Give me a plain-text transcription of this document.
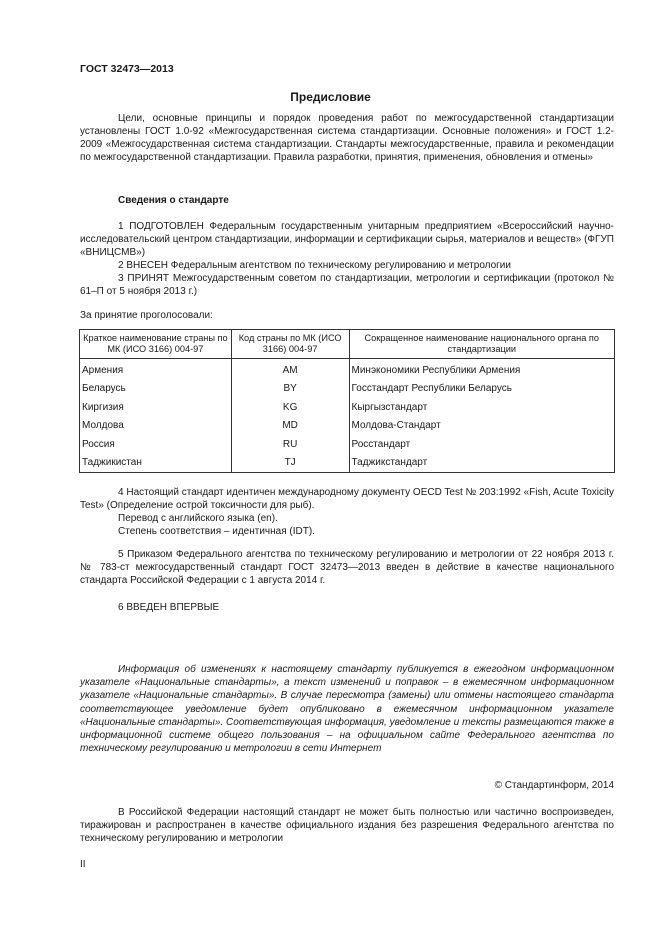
ГОСТ 32473—2013
Предисловие
Цели, основные принципы и порядок проведения работ по межгосударственной стандартизации установлены ГОСТ 1.0-92 «Межгосударственная система стандартизации. Основные положения» и ГОСТ 1.2-2009 «Межгосударственная система стандартизации. Стандарты межгосударственные, правила и рекомендации по межгосударственной стандартизации. Правила разработки, принятия, применения, обновления и отмены»
Сведения о стандарте

1 ПОДГОТОВЛЕН Федеральным государственным унитарным предприятием «Всероссийский научно-исследовательский центром стандартизации, информации и сертификации сырья, материалов и веществ» (ФГУП «ВНИЦСМВ»)

2 ВНЕСЕН Федеральным агентством по техническому регулированию и метрологии

3 ПРИНЯТ Межгосударственным советом по стандартизации, метрологии и сертификации (протокол № 61–П от 5 ноября 2013 г.)

За принятие проголосовали:
Краткое наименование страны по МК (ИСО 3166) 004-97	Код страны по МК (ИСО 3166) 004-97	Сокращенное наименование национального органа по стандартизации
Армения	AM	Минэкономики Республики Армения
Беларусь	BY	Госстандарт Республики Беларусь
Киргизия	KG	Кыргызстандарт
Молдова	MD	Молдова-Стандарт
Россия	RU	Росстандарт
Таджикистан	TJ	Таджикстандарт

4 Настоящий стандарт идентичен международному документу OECD Test № 203:1992 «Fish, Acute Toxicity Test» (Определение острой токсичности для рыб).

Перевод с английского языка (en).

Степень соответствия – идентичная (IDT).

5 Приказом Федерального агентства по техническому регулированию и метрологии от 22 ноября 2013 г. № 783-ст межгосударственный стандарт ГОСТ 32473—2013 введен в действие в качестве национального стандарта Российской Федерации с 1 августа 2014 г.
6 ВВЕДЕН ВПЕРВЫЕ
Информация об изменениях к настоящему стандарту публикуется в ежегодном информационном указателе «Национальные стандарты», а текст изменений и поправок – в ежемесячном информационном указателе «Национальные стандарты». В случае пересмотра (замены) или отмены настоящего стандарта соответствующее уведомление будет опубликовано в ежемесячном информационном указателе «Национальные стандарты». Соответствующая информация, уведомление и тексты размещаются также в информационной системе общего пользования – на официальном сайте Федерального агентства по техническому регулированию и метрологии в сети Интернет
© Стандартинформ, 2014
В Российской Федерации настоящий стандарт не может быть полностью или частично воспроизведен, тиражирован и распространен в качестве официального издания без разрешения Федерального агентства по техническому регулированию и метрологии
II
